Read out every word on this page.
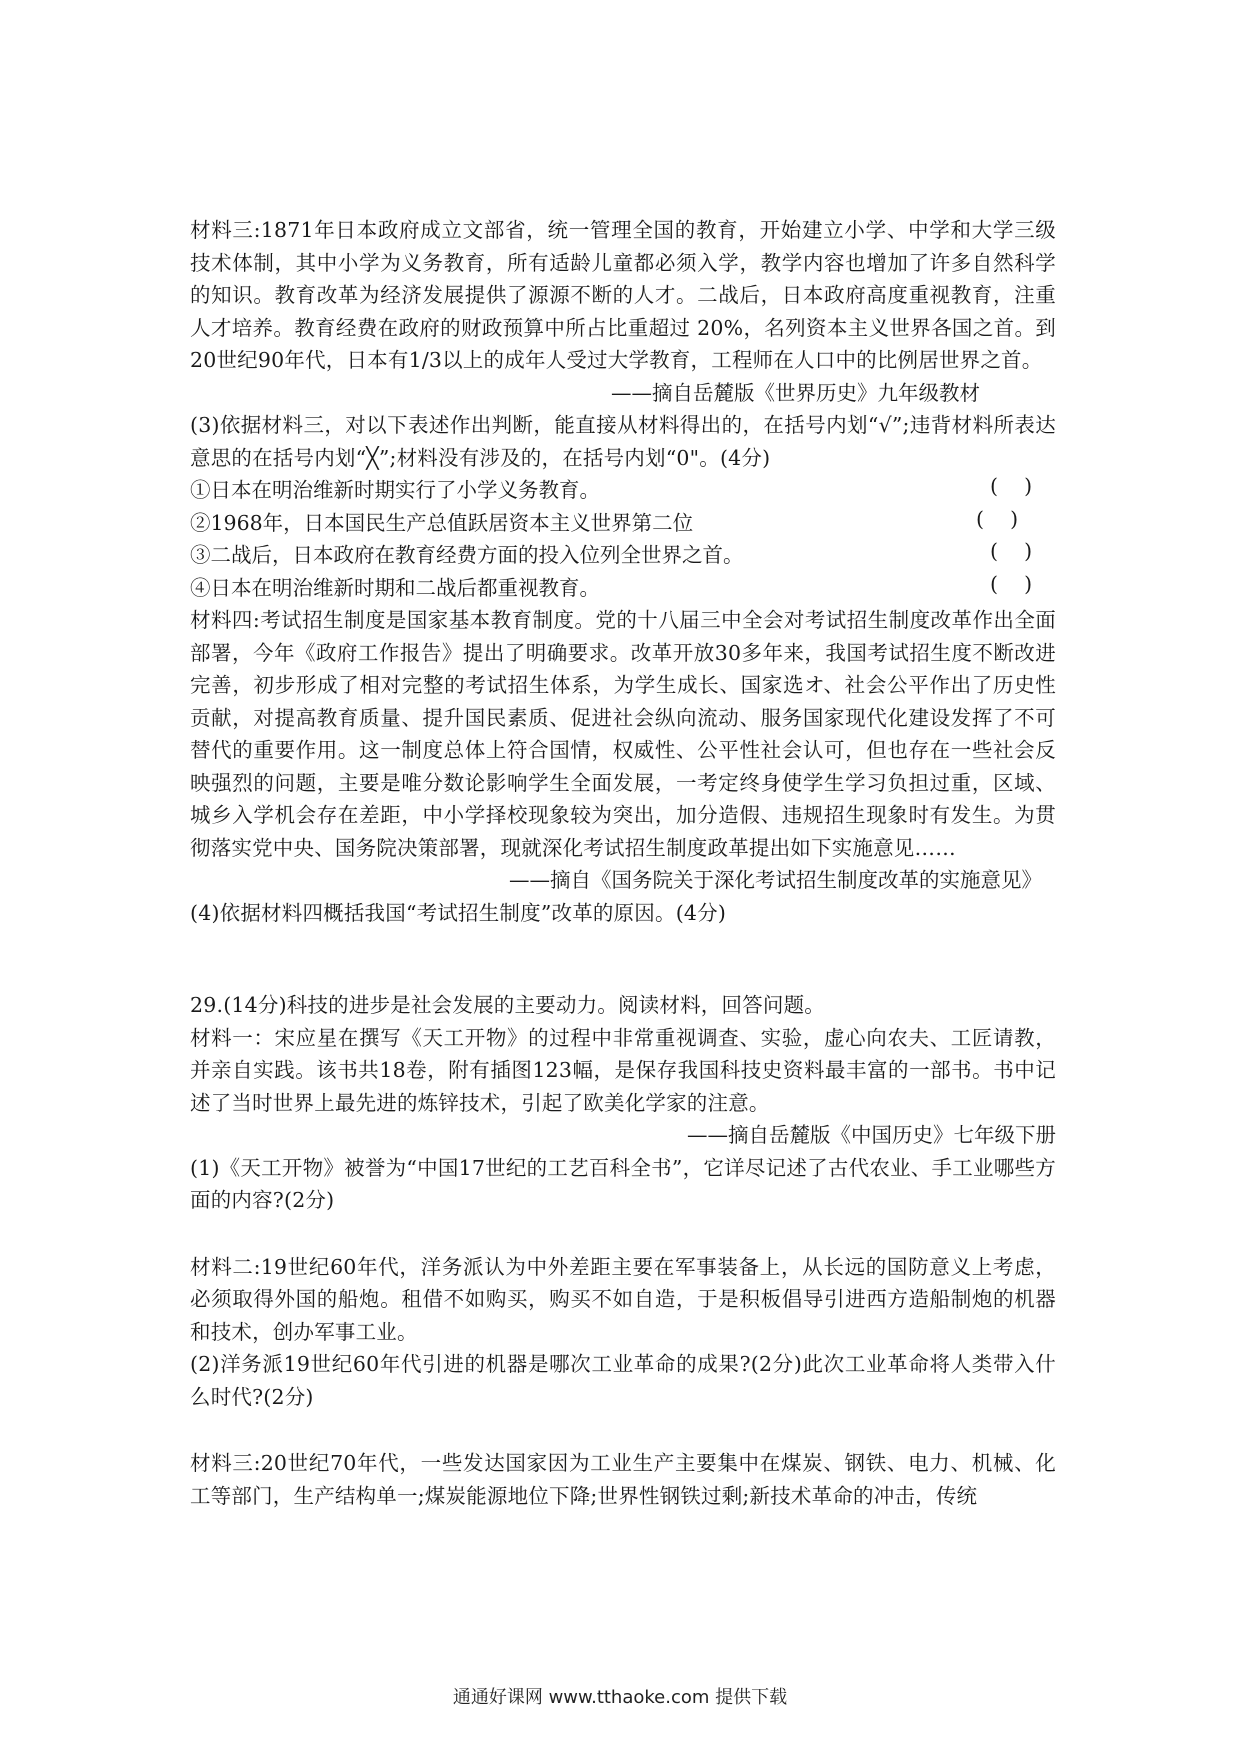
材料三:1871年日本政府成立文部省，统一管理全国的教育，开始建立小学、中学和大学三级技术体制，其中小学为义务教育，所有适龄儿童都必须入学，教学内容也增加了许多自然科学的知识。教育改革为经济发展提供了源源不断的人才。二战后，日本政府高度重视教育，注重人才培养。教育经费在政府的财政预算中所占比重超过 20%，名列资本主义世界各国之首。到20世纪90年代，日本有1/3以上的成年人受过大学教育，工程师在人口中的比例居世界之首。

——摘自岳麓版《世界历史》九年级教材

(3)依据材料三，对以下表述作出判断，能直接从材料得出的，在括号内划“√”;违背材料所表达意思的在括号内划“╳”;材料没有涉及的，在括号内划“0"。(4分)

①日本在明治维新时期实行了小学义务教育。	(    )

②1968年，日本国民生产总值跃居资本主义世界第二位	(    )

③二战后，日本政府在教育经费方面的投入位列全世界之首。	(    )

④日本在明治维新时期和二战后都重视教育。	(    )

材料四:考试招生制度是国家基本教育制度。党的十八届三中全会对考试招生制度改革作出全面部署，今年《政府工作报告》提出了明确要求。改革开放30多年来，我国考试招生度不断改进完善，初步形成了相对完整的考试招生体系，为学生成长、国家选オ、社会公平作出了历史性贡献，对提高教育质量、提升国民素质、促进社会纵向流动、服务国家现代化建设发挥了不可替代的重要作用。这一制度总体上符合国情，权威性、公平性社会认可，但也存在一些社会反映强烈的问题，主要是唯分数论影响学生全面发展，一考定终身使学生学习负担过重，区域、城乡入学机会存在差距，中小学择校现象较为突出，加分造假、违规招生现象时有发生。为贯彻落实党中央、国务院决策部署，现就深化考试招生制度政革提出如下实施意见……

——摘自《国务院关于深化考试招生制度改革的实施意见》

(4)依据材料四概括我国“考试招生制度”改革的原因。(4分)

29.(14分)科技的进步是社会发展的主要动力。阅读材料，回答问题。

材料一：宋应星在撰写《天工开物》的过程中非常重视调查、实验，虚心向农夫、工匠请教，并亲自实践。该书共18卷，附有插图123幅，是保存我国科技史资料最丰富的一部书。书中记述了当时世界上最先进的炼锌技术，引起了欧美化学家的注意。

——摘自岳麓版《中国历史》七年级下册

(1)《天工开物》被誉为“中国17世纪的工艺百科全书”，它详尽记述了古代农业、手工业哪些方面的内容?(2分)

材料二:19世纪60年代，洋务派认为中外差距主要在军事装备上，从长远的国防意义上考虑，必须取得外国的船炮。租借不如购买，购买不如自造，于是积板倡导引进西方造船制炮的机器和技术，创办军事工业。

(2)洋务派19世纪60年代引进的机器是哪次工业革命的成果?(2分)此次工业革命将人类带入什么时代?(2分)

材料三:20世纪70年代，一些发达国家因为工业生产主要集中在煤炭、钢铁、电力、机械、化工等部门，生产结构单一;煤炭能源地位下降;世界性钢铁过剩;新技术革命的冲击，传统

通通好课网 www.tthaoke.com 提供下载
